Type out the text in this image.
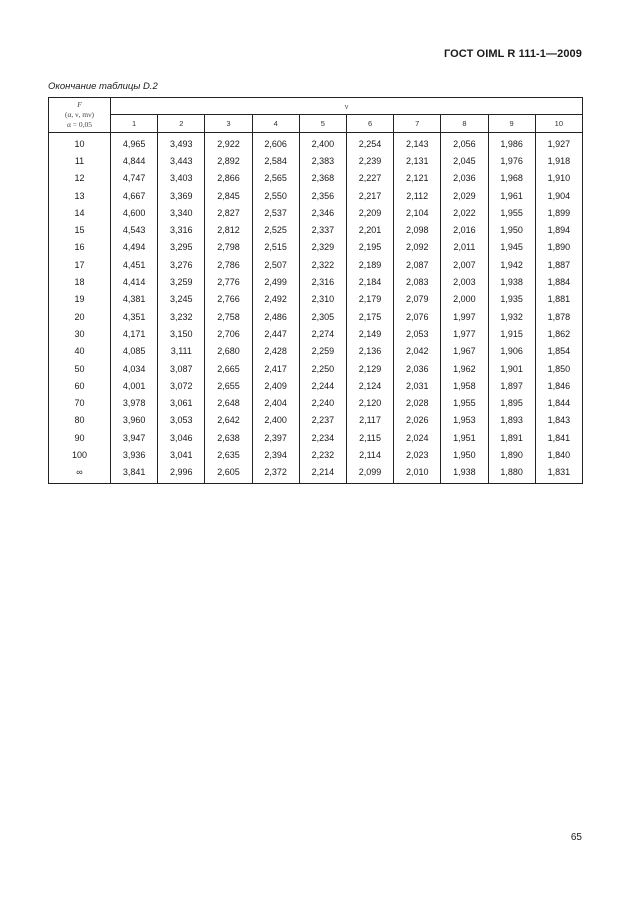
ГОСТ OIML R 111-1—2009
Окончание таблицы D.2
F
(α, ν, mν)
α = 0,05	ν									
	1	2	3	4	5	6	7	8	9	10
10	4,965	3,493	2,922	2,606	2,400	2,254	2,143	2,056	1,986	1,927
11	4,844	3,443	2,892	2,584	2,383	2,239	2,131	2,045	1,976	1,918
12	4,747	3,403	2,866	2,565	2,368	2,227	2,121	2,036	1,968	1,910
13	4,667	3,369	2,845	2,550	2,356	2,217	2,112	2,029	1,961	1,904
14	4,600	3,340	2,827	2,537	2,346	2,209	2,104	2,022	1,955	1,899
15	4,543	3,316	2,812	2,525	2,337	2,201	2,098	2,016	1,950	1,894
16	4,494	3,295	2,798	2,515	2,329	2,195	2,092	2,011	1,945	1,890
17	4,451	3,276	2,786	2,507	2,322	2,189	2,087	2,007	1,942	1,887
18	4,414	3,259	2,776	2,499	2,316	2,184	2,083	2,003	1,938	1,884
19	4,381	3,245	2,766	2,492	2,310	2,179	2,079	2,000	1,935	1,881
20	4,351	3,232	2,758	2,486	2,305	2,175	2,076	1,997	1,932	1,878
30	4,171	3,150	2,706	2,447	2,274	2,149	2,053	1,977	1,915	1,862
40	4,085	3,111	2,680	2,428	2,259	2,136	2,042	1,967	1,906	1,854
50	4,034	3,087	2,665	2,417	2,250	2,129	2,036	1,962	1,901	1,850
60	4,001	3,072	2,655	2,409	2,244	2,124	2,031	1,958	1,897	1,846
70	3,978	3,061	2,648	2,404	2,240	2,120	2,028	1,955	1,895	1,844
80	3,960	3,053	2,642	2,400	2,237	2,117	2,026	1,953	1,893	1,843
90	3,947	3,046	2,638	2,397	2,234	2,115	2,024	1,951	1,891	1,841
100	3,936	3,041	2,635	2,394	2,232	2,114	2,023	1,950	1,890	1,840
∞	3,841	2,996	2,605	2,372	2,214	2,099	2,010	1,938	1,880	1,831
65
